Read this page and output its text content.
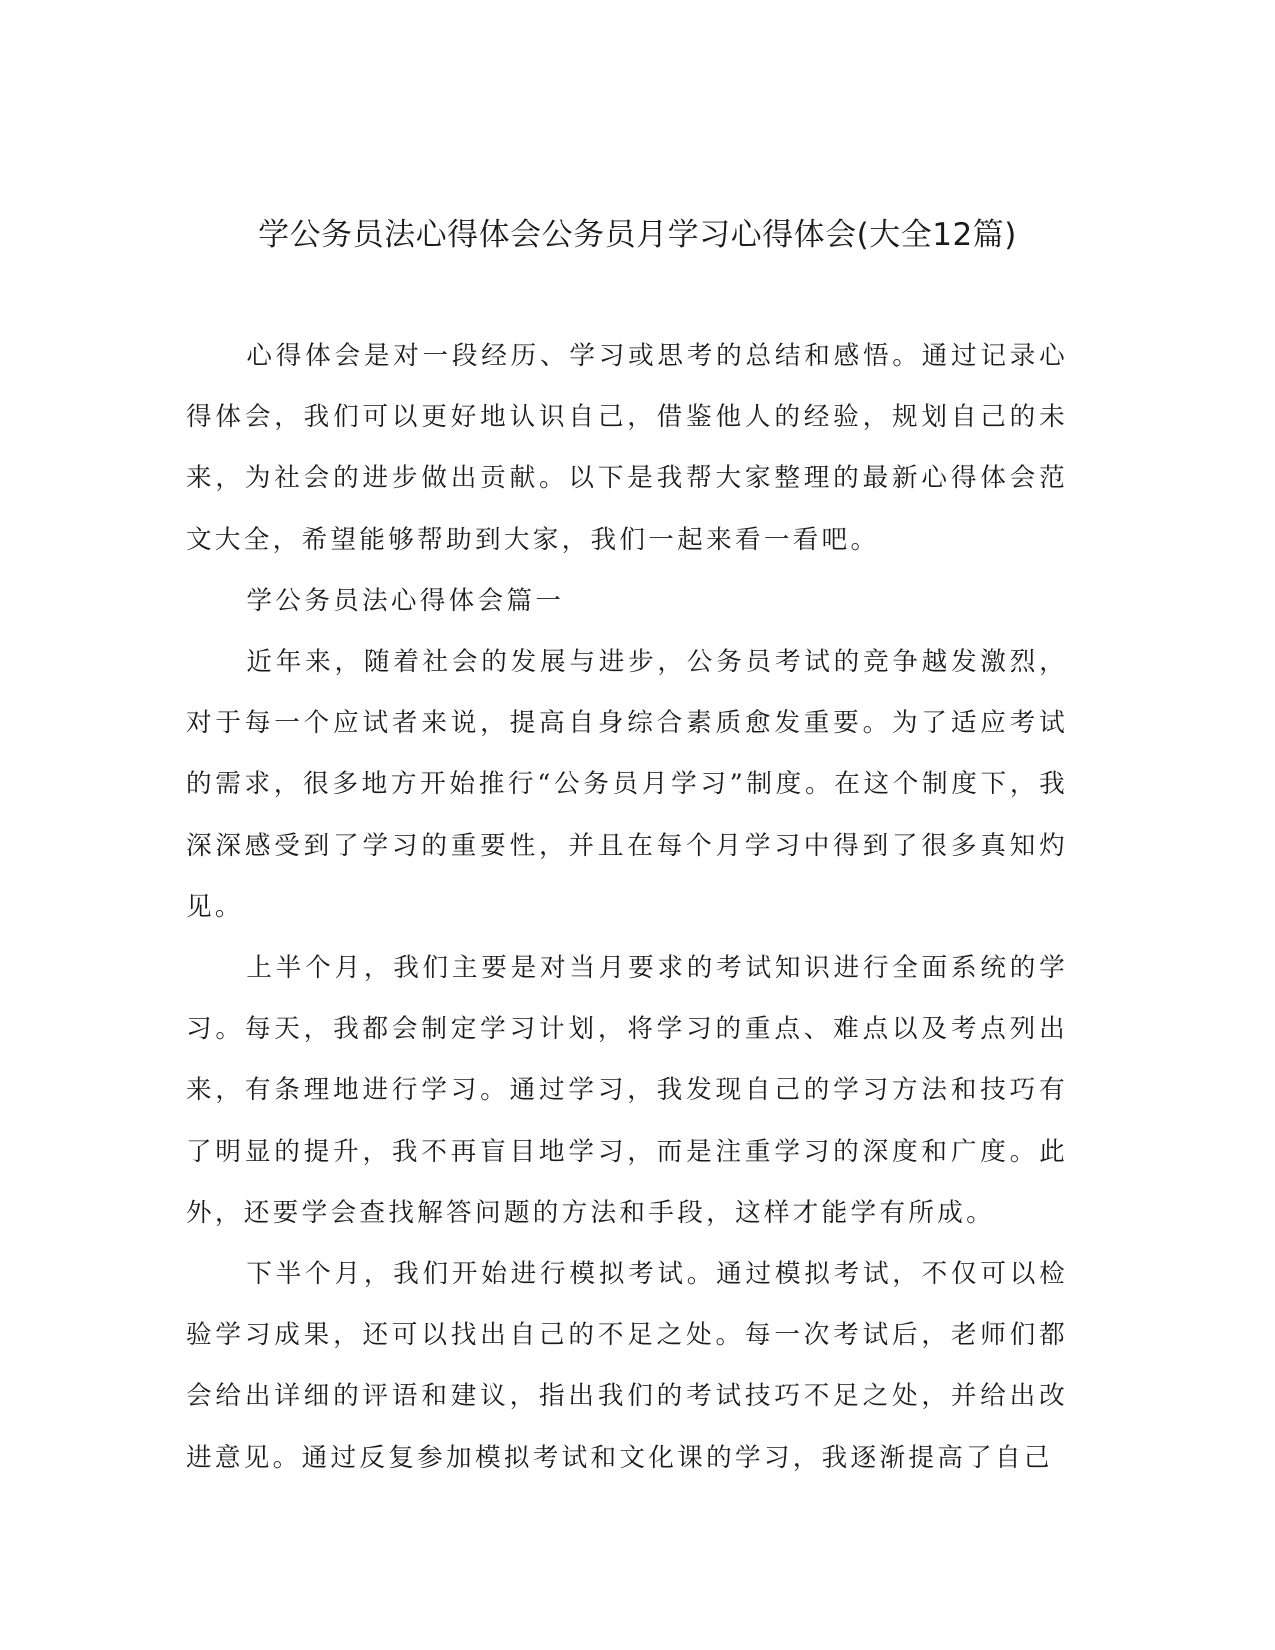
学公务员法心得体会公务员月学习心得体会(大全12篇)

心得体会是对一段经历、学习或思考的总结和感悟。通过记录心得体会，我们可以更好地认识自己，借鉴他人的经验，规划自己的未来，为社会的进步做出贡献。以下是我帮大家整理的最新心得体会范文大全，希望能够帮助到大家，我们一起来看一看吧。

学公务员法心得体会篇一

近年来，随着社会的发展与进步，公务员考试的竞争越发激烈，对于每一个应试者来说，提高自身综合素质愈发重要。为了适应考试的需求，很多地方开始推行“公务员月学习”制度。在这个制度下，我深深感受到了学习的重要性，并且在每个月学习中得到了很多真知灼见。

上半个月，我们主要是对当月要求的考试知识进行全面系统的学习。每天，我都会制定学习计划，将学习的重点、难点以及考点列出来，有条理地进行学习。通过学习，我发现自己的学习方法和技巧有了明显的提升，我不再盲目地学习，而是注重学习的深度和广度。此外，还要学会查找解答问题的方法和手段，这样才能学有所成。

下半个月，我们开始进行模拟考试。通过模拟考试，不仅可以检验学习成果，还可以找出自己的不足之处。每一次考试后，老师们都会给出详细的评语和建议，指出我们的考试技巧不足之处，并给出改进意见。通过反复参加模拟考试和文化课的学习，我逐渐提高了自己
